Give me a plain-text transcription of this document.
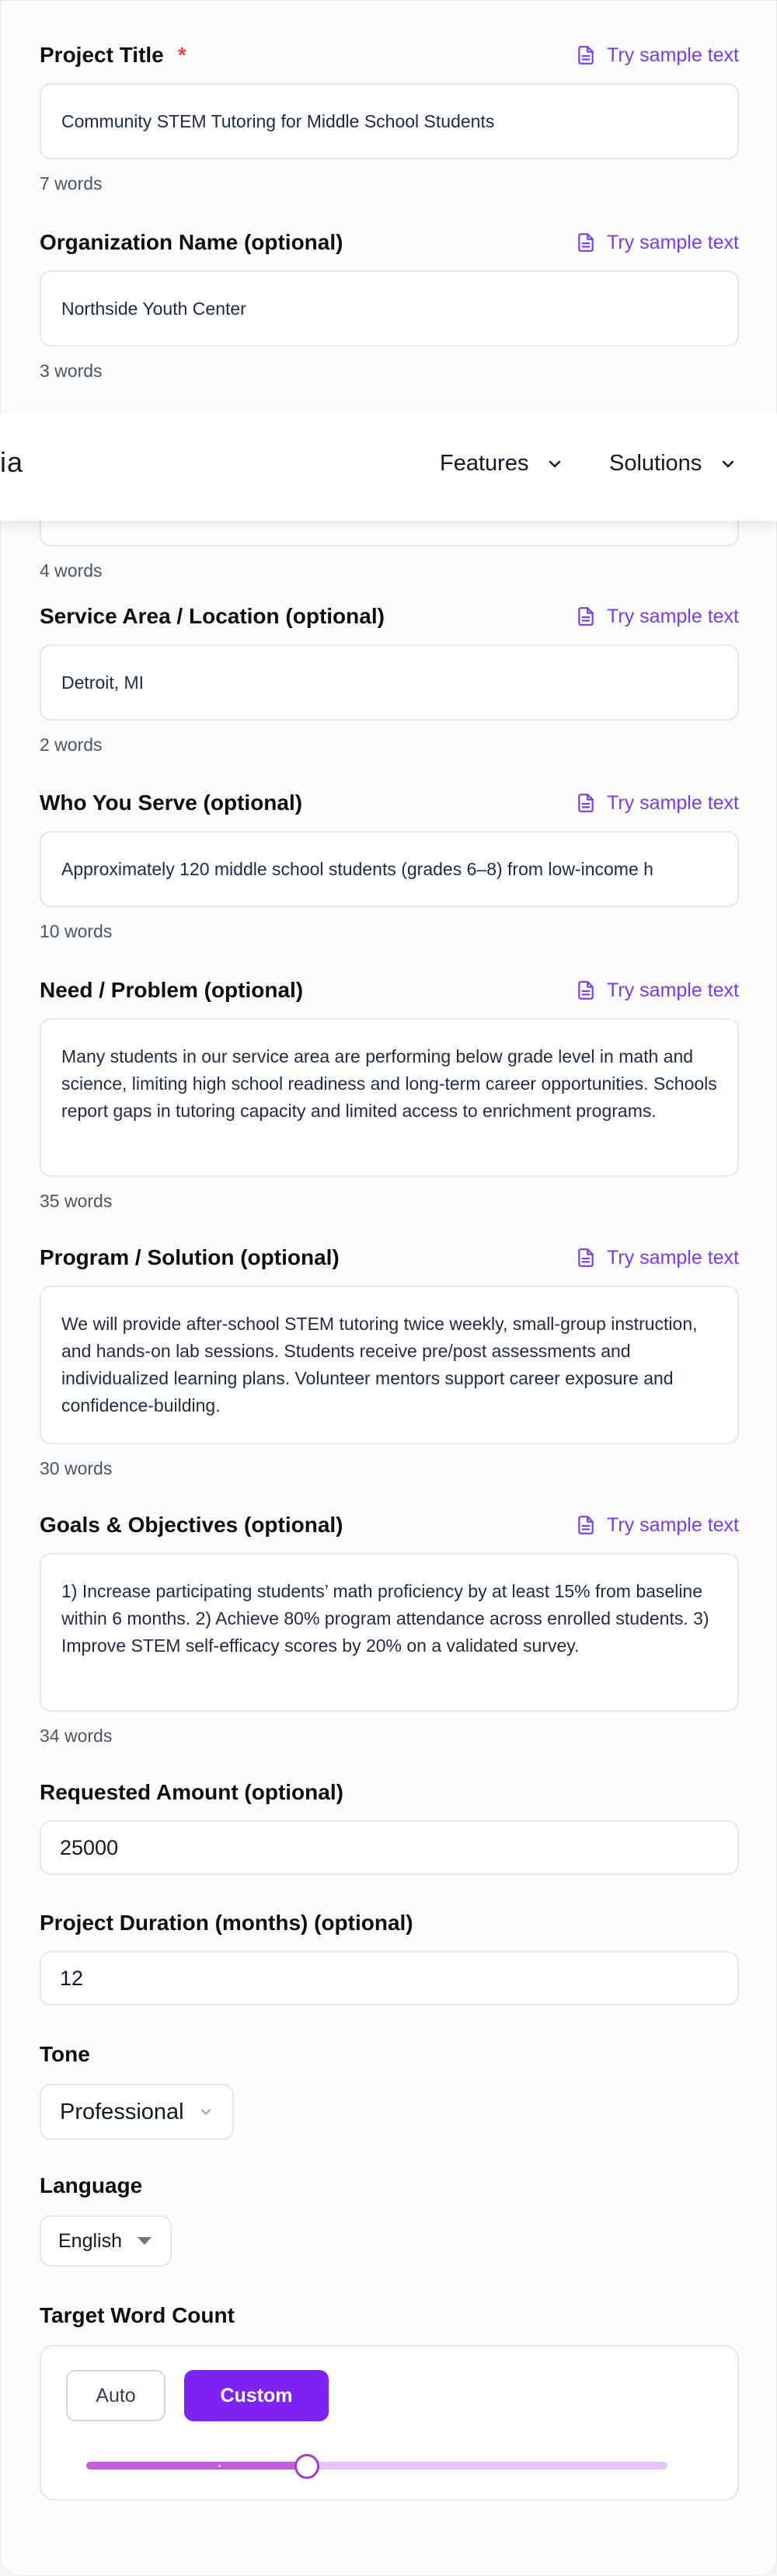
Project Title *	Try sample text
Community STEM Tutoring for Middle School Students
7 words
Organization Name (optional)	Try sample text
Northside Youth Center
3 words
4 words
Service Area / Location (optional)	Try sample text
Detroit, MI
2 words
Who You Serve (optional)	Try sample text
Approximately 120 middle school students (grades 6–8) from low-income h
10 words
Need / Problem (optional)	Try sample text
Many students in our service area are performing below grade level in math and science, limiting high school readiness and long-term career opportunities. Schools report gaps in tutoring capacity and limited access to enrichment programs.
35 words
Program / Solution (optional)	Try sample text
We will provide after-school STEM tutoring twice weekly, small-group instruction, and hands-on lab sessions. Students receive pre/post assessments and individualized learning plans. Volunteer mentors support career exposure and confidence-building.
30 words
Goals & Objectives (optional)	Try sample text
1) Increase participating students’ math proficiency by at least 15% from baseline within 6 months. 2) Achieve 80% program attendance across enrolled students. 3) Improve STEM self-efficacy scores by 20% on a validated survey.
34 words
Requested Amount (optional)
25000
Project Duration (months) (optional)
12
Tone
Professional
Language
English
Target Word Count
Auto	Custom
ia	Features	Solutions
